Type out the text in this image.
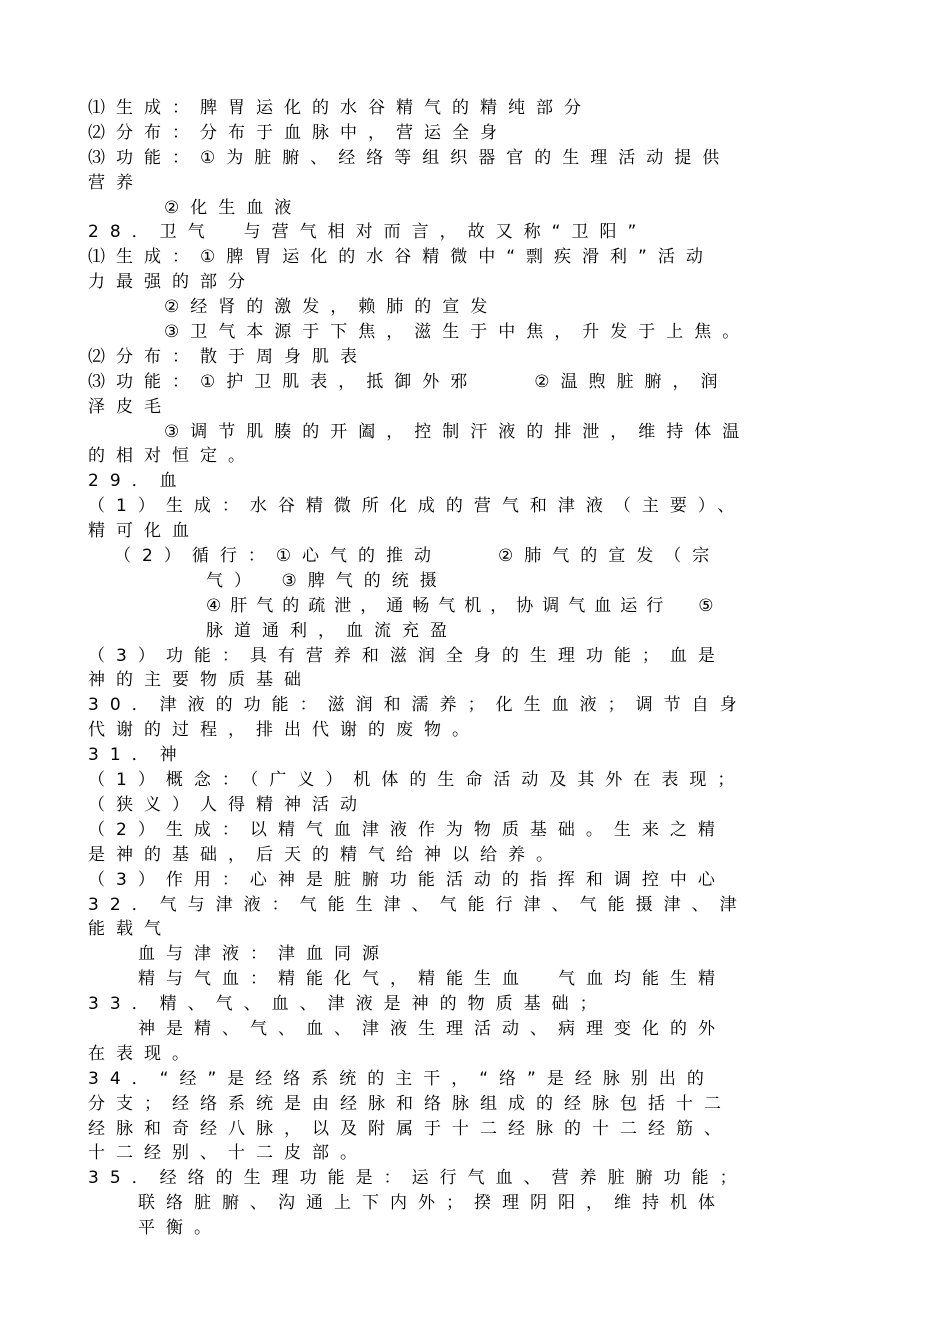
⑴生成：脾胃运化的水谷精气的精纯部分
⑵分布：分布于血脉中，营运全身
⑶功能：①为脏腑、经络等组织器官的生理活动提供
营养
②化生血液
28．卫气　与营气相对而言，故又称“卫阳”
⑴生成：①脾胃运化的水谷精微中“剽疾滑利”活动
力最强的部分
②经肾的激发，赖肺的宣发
③卫气本源于下焦，滋生于中焦，升发于上焦。
⑵分布：散于周身肌表
⑶功能：①护卫肌表，抵御外邪　　②温煦脏腑，润
泽皮毛
③调节肌腠的开阖，控制汗液的排泄，维持体温
的相对恒定。
29．血
（1）生成：水谷精微所化成的营气和津液（主要）、
精可化血
（2）循行：①心气的推动　　②肺气的宣发（宗
气）　③脾气的统摄
④肝气的疏泄，通畅气机，协调气血运行　⑤
脉道通利，血流充盈
（3）功能：具有营养和滋润全身的生理功能；血是
神的主要物质基础
30．津液的功能：滋润和濡养；化生血液；调节自身
代谢的过程，排出代谢的废物。
31．神
（1）概念：（广义）机体的生命活动及其外在表现；
（狭义）人得精神活动
（2）生成：以精气血津液作为物质基础。生来之精
是神的基础，后天的精气给神以给养。
（3）作用：心神是脏腑功能活动的指挥和调控中心
32．气与津液：气能生津、气能行津、气能摄津、津
能载气
血与津液：津血同源
精与气血：精能化气，精能生血　气血均能生精
33．精、气、血、津液是神的物质基础；
神是精、气、血、津液生理活动、病理变化的外
在表现。
34．“经”是经络系统的主干，“络”是经脉别出的
分支；经络系统是由经脉和络脉组成的经脉包括十二
经脉和奇经八脉，以及附属于十二经脉的十二经筋、
十二经别、十二皮部。
35．经络的生理功能是：运行气血、营养脏腑功能；
联络脏腑、沟通上下内外；揆理阴阳，维持机体
平衡。
